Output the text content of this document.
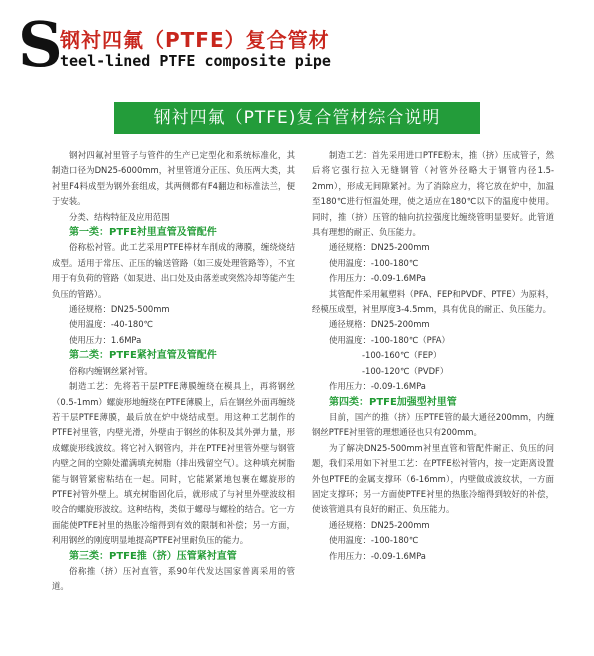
S
钢衬四氟（PTFE）复合管材
teel-lined PTFE composite pipe
钢衬四氟（PTFE)复合管材综合说明

钢衬四氟衬里管子与管件的生产已定型化和系统标准化，其制造口径为DN25-6000mm，衬里管道分正压、负压两大类，其衬里F4料成型为钢外套组成，其两侧都有F4翻边和标准法兰，便于安装。

分类、结构特征及应用范围

第一类：PTFE衬里直管及管配件

俗称松衬管。此工艺采用PTFE棒材车削成的薄膜，缠绕烧结成型。适用于常压、正压的输送管路（如三废处理管路等），不宜用于有负荷的管路（如泵进、出口处及由落差或突然冷却等能产生负压的管路）。

通径规格：DN25-500mm

使用温度：-40-180℃

使用压力：1.6MPa

第二类：PTFE紧衬直管及管配件

俗称内缠钢丝紧衬管。

制造工艺：先将若干层PTFE薄膜缠绕在模具上，再将钢丝（0.5-1mm）螺旋形地缠绕在PTFE薄膜上，后在钢丝外面再缠绕若干层PTFE薄膜，最后放在炉中烧结成型。用这种工艺制作的PTFE衬里管，内壁光滑，外壁由于钢丝的体积及其外弹力量，形成螺旋形线波纹。将它衬入钢管内，并在PTFE衬里管外壁与钢管内壁之间的空隙处灌满填充树脂（排出残留空气）。这种填充树脂能与钢管紧密粘结在一起。同时，它能紧紧地包裹在螺旋形的PTFE衬管外壁上。填充树脂固化后，就形成了与衬里外壁波纹相咬合的螺旋形波纹。这种结构，类似于螺母与螺栓的结合。它一方面能使PTFE衬里的热胀冷缩得到有效的限制和补偿；另一方面，利用钢丝的刚度明显地提高PTFE衬里耐负压的能力。

第三类：PTFE推（挤）压管紧衬直管

俗称推（挤）压衬直管，系90年代发达国家普离采用的管道。

制造工艺：首先采用进口PTFE粉末，推（挤）压成管子，然后将它强行拉入无缝钢管（衬管外径略大于钢管内径1.5-2mm），形成无间隙紧衬。为了消除应力，将它放在炉中，加温至180℃进行恒温处理，使之适应在180℃以下的温度中使用。同时，推（挤）压管的轴向抗拉强度比缠绕管明显要好。此管道具有理想的耐正、负压能力。

通径规格：DN25-200mm

使用温度：-100-180℃

作用压力：-0.09-1.6MPa

其管配件采用氟塑料（PFA、FEP和PVDF、PTFE）为原料，经模压成型，衬里厚度3-4.5mm，具有优良的耐正、负压能力。

通径规格：DN25-200mm

使用温度：-100-180℃（PFA）

-100-160℃（FEP）

-100-120℃（PVDF）

作用压力：-0.09-1.6MPa

第四类：PTFE加强型衬里管

目前，国产的推（挤）压PTFE管的最大通径200mm，内缠钢丝PTFE衬里管的理想通径也只有200mm。

为了解决DN25-500mm衬里直管和管配件耐正、负压的问题，我们采用如下衬里工艺：在PTFE松衬管内，按一定距离设置外包PTFE的金属支撑环（6-16mm），内壁做成波纹状，一方面固定支撑环；另一方面使PTFE衬里的热胀冷缩得到较好的补偿，使该管道具有良好的耐正、负压能力。

通径规格：DN25-200mm

使用温度：-100-180℃

作用压力：-0.09-1.6MPa
